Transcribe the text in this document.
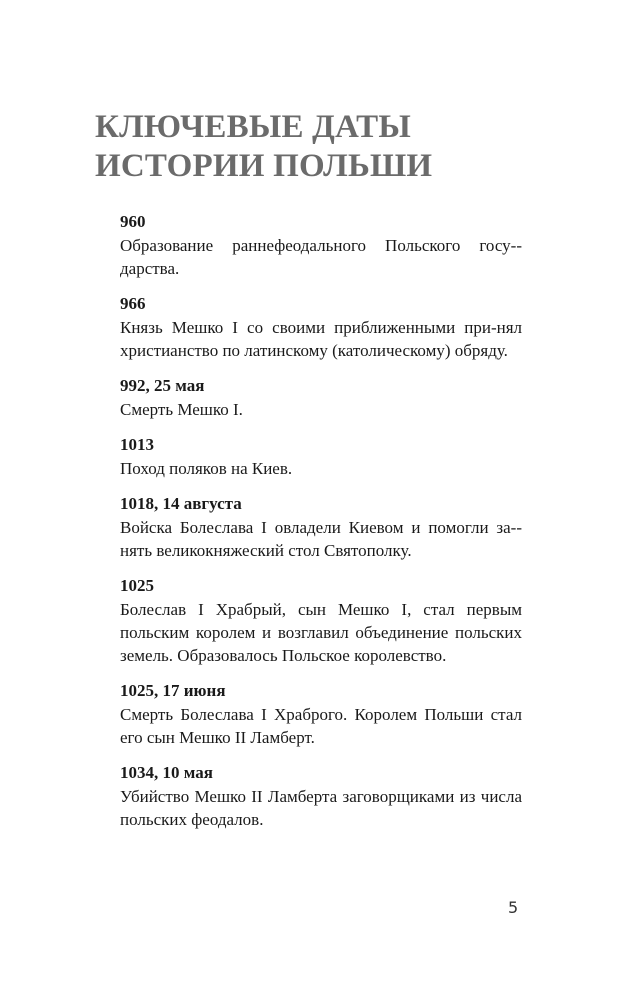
КЛЮЧЕВЫЕ ДАТЫ
ИСТОРИИ ПОЛЬШИ

960

Образование раннефеодального Польского госу-дарства.

966

Князь Мешко I со своими приближенными при-нял христианство по латинскому (католическому) обряду.

992, 25 мая

Смерть Мешко I.

1013

Поход поляков на Киев.

1018, 14 августа

Войска Болеслава I овладели Киевом и помогли за-нять великокняжеский стол Святополку.

1025

Болеслав I Храбрый, сын Мешко I, стал первым польским королем и возглавил объединение польских земель. Образовалось Польское королевство.

1025, 17 июня

Смерть Болеслава I Храброго. Королем Польши стал его сын Мешко II Ламберт.

1034, 10 мая

Убийство Мешко II Ламберта заговорщиками из числа польских феодалов.

5
